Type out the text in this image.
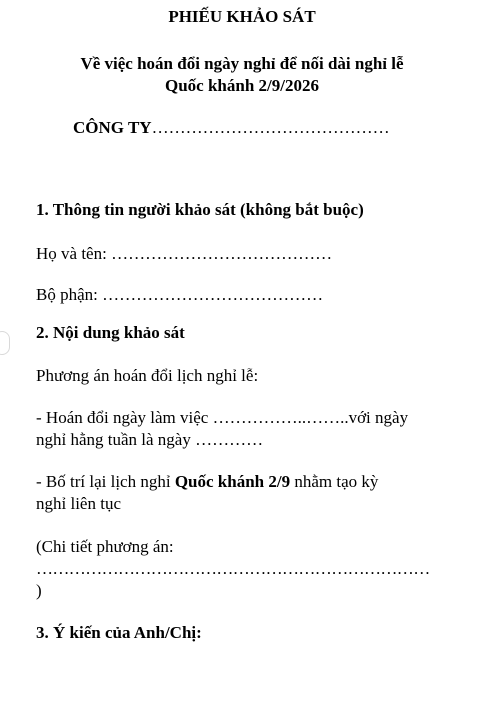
PHIẾU KHẢO SÁT
Về việc hoán đổi ngày nghỉ để nối dài nghỉ lễ
Quốc khánh 2/9/2026
CÔNG TY……………………………………
1. Thông tin người khảo sát (không bắt buộc)
Họ và tên: …………………………………
Bộ phận: …………………………………
2. Nội dung khảo sát
Phương án hoán đổi lịch nghỉ lễ:
- Hoán đổi ngày làm việc ……………..……..với ngày
nghỉ hằng tuần là ngày …………
- Bố trí lại lịch nghỉ Quốc khánh 2/9 nhằm tạo kỳ
nghỉ liên tục
(Chi tiết phương án:
………………………………………………………………
)
3. Ý kiến của Anh/Chị:
